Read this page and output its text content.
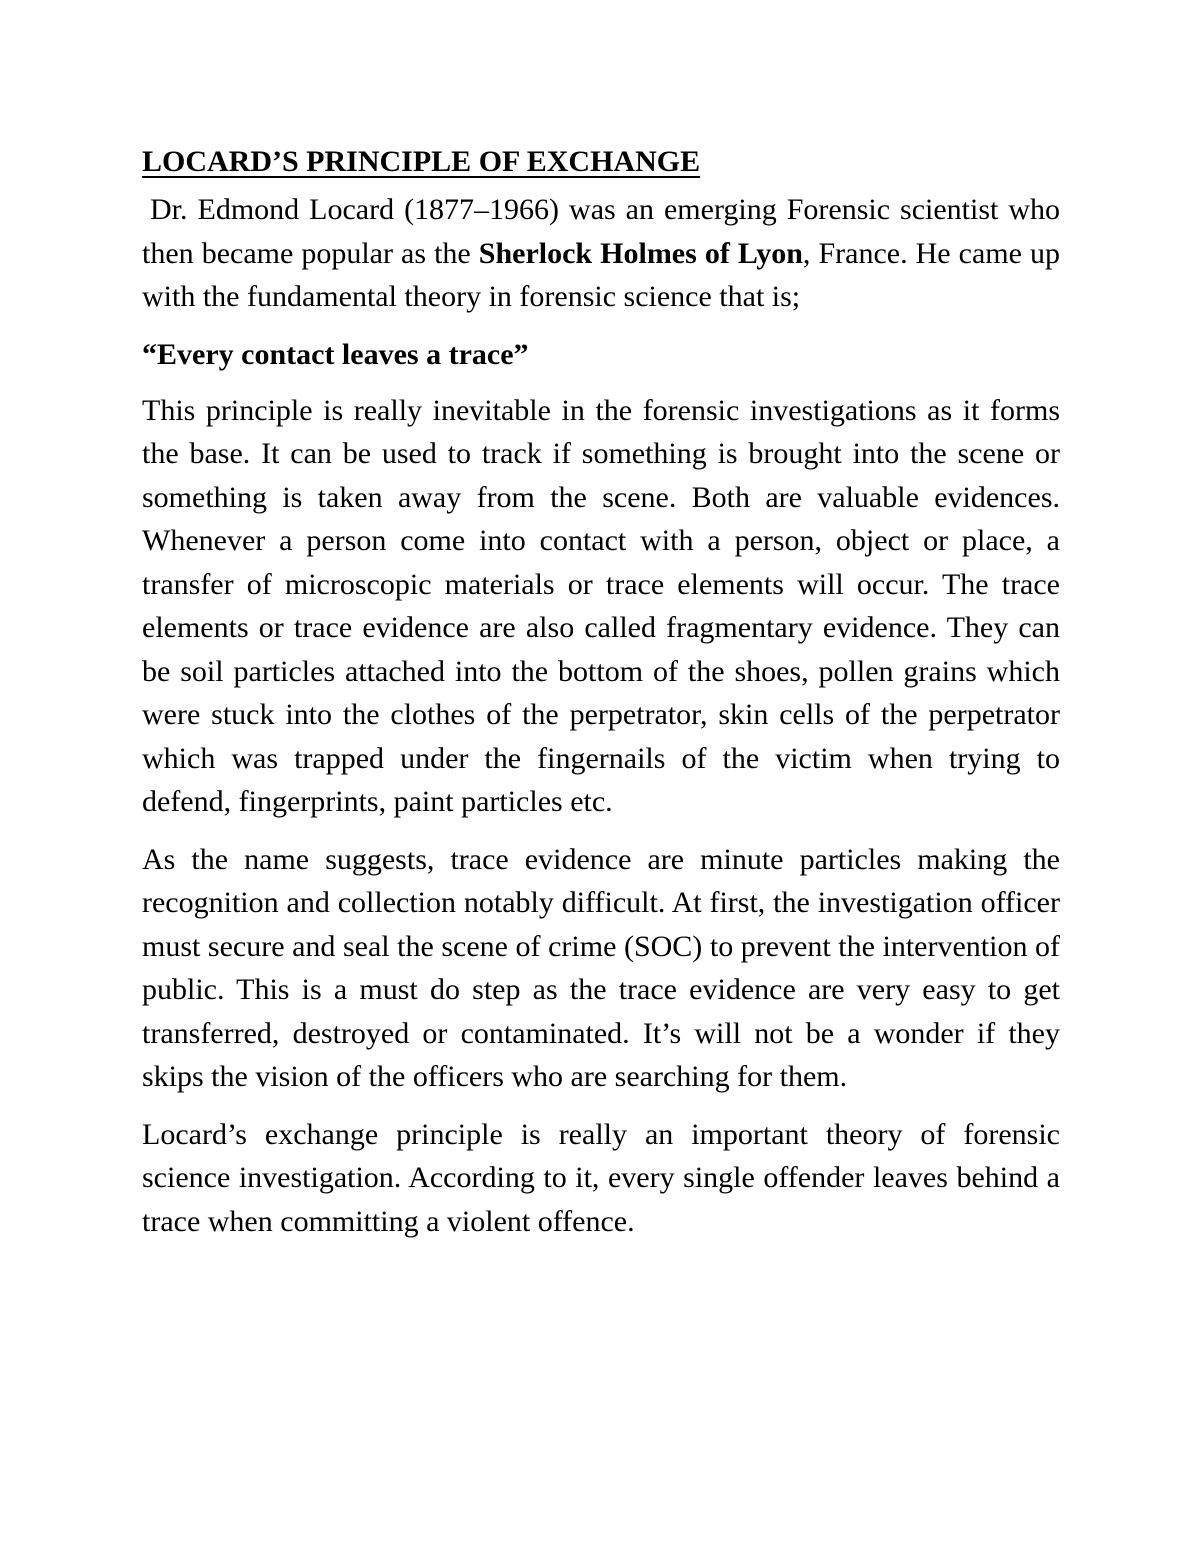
LOCARD’S PRINCIPLE OF EXCHANGE

Dr. Edmond Locard (1877–1966) was an emerging Forensic scientist who then became popular as the Sherlock Holmes of Lyon, France. He came up with the fundamental theory in forensic science that is;

“Every contact leaves a trace”

This principle is really inevitable in the forensic investigations as it forms the base. It can be used to track if something is brought into the scene or something is taken away from the scene. Both are valuable evidences. Whenever a person come into contact with a person, object or place, a transfer of microscopic materials or trace elements will occur. The trace elements or trace evidence are also called fragmentary evidence. They can be soil particles attached into the bottom of the shoes, pollen grains which were stuck into the clothes of the perpetrator, skin cells of the perpetrator which was trapped under the fingernails of the victim when trying to defend, fingerprints, paint particles etc.

As the name suggests, trace evidence are minute particles making the recognition and collection notably difficult. At first, the investigation officer must secure and seal the scene of crime (SOC) to prevent the intervention of public. This is a must do step as the trace evidence are very easy to get transferred, destroyed or contaminated. It’s will not be a wonder if they skips the vision of the officers who are searching for them.

Locard’s exchange principle is really an important theory of forensic science investigation. According to it, every single offender leaves behind a trace when committing a violent offence.
